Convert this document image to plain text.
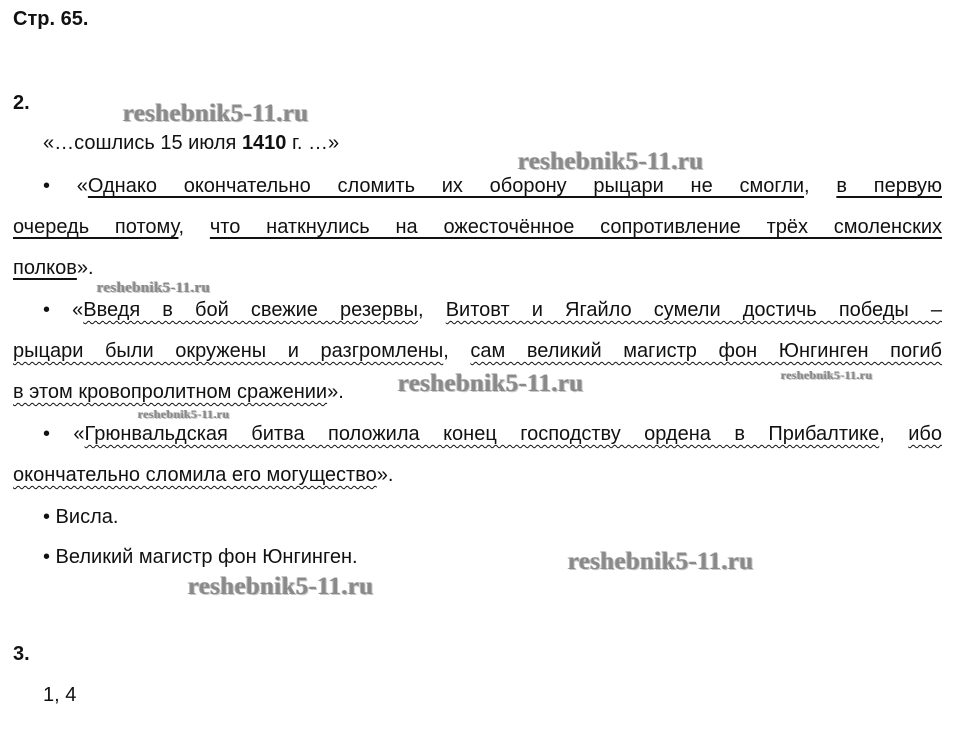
Стр. 65.
2.
«…сошлись 15 июля 1410 г. …»
• «Однако окончательно сломить их оборону рыцари не смогли, в первую
очередь потому, что наткнулись на ожесточённое сопротивление трёх смоленских
полков».
• «Введя в бой свежие резервы, Витовт и Ягайло сумели достичь победы –
рыцари были окружены и разгромлены, сам великий магистр фон Юнгинген погиб
в этом кровопролитном сражении».
• «Грюнвальдская битва положила конец господству ордена в Прибалтике, ибо
окончательно сломила его могущество».
• Висла.
• Великий магистр фон Юнгинген.
3.
1, 4
reshebnik5-11.ru
reshebnik5-11.ru
reshebnik5-11.ru
reshebnik5-11.ru	reshebnik5-11.ru
reshebnik5-11.ru
reshebnik5-11.ru
reshebnik5-11.ru
